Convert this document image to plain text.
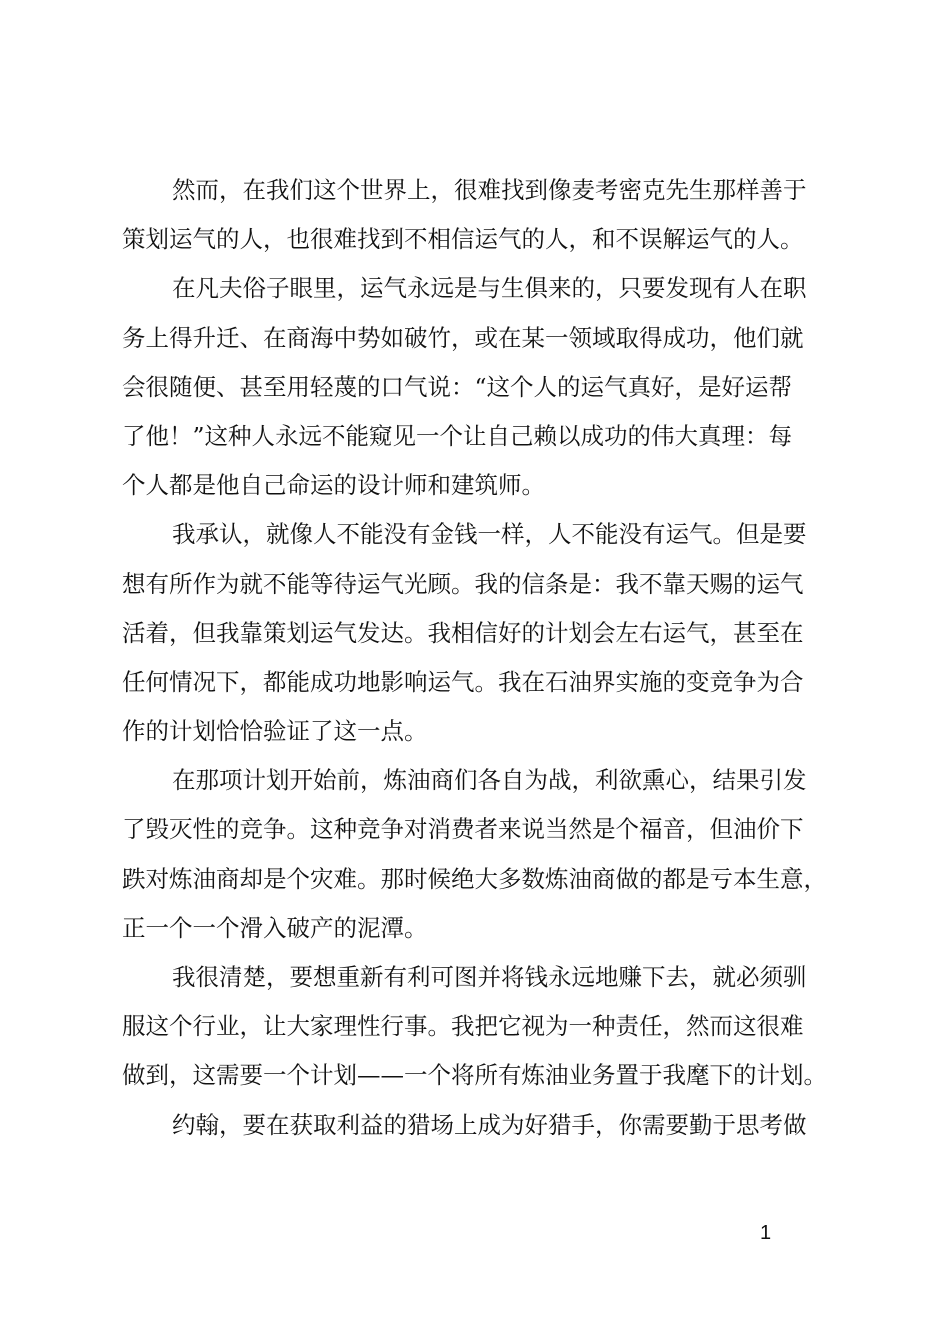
然而，在我们这个世界上，很难找到像麦考密克先生那样善于
策划运气的人，也很难找到不相信运气的人，和不误解运气的人。
在凡夫俗子眼里，运气永远是与生俱来的，只要发现有人在职
务上得升迁、在商海中势如破竹，或在某一领域取得成功，他们就
会很随便、甚至用轻蔑的口气说：“这个人的运气真好，是好运帮
了他！”这种人永远不能窥见一个让自己赖以成功的伟大真理：每
个人都是他自己命运的设计师和建筑师。
我承认，就像人不能没有金钱一样，人不能没有运气。但是要
想有所作为就不能等待运气光顾。我的信条是：我不靠天赐的运气
活着，但我靠策划运气发达。我相信好的计划会左右运气，甚至在
任何情况下，都能成功地影响运气。我在石油界实施的变竞争为合
作的计划恰恰验证了这一点。
在那项计划开始前，炼油商们各自为战，利欲熏心，结果引发
了毁灭性的竞争。这种竞争对消费者来说当然是个福音，但油价下
跌对炼油商却是个灾难。那时候绝大多数炼油商做的都是亏本生意，
正一个一个滑入破产的泥潭。
我很清楚，要想重新有利可图并将钱永远地赚下去，就必须驯
服这个行业，让大家理性行事。我把它视为一种责任，然而这很难
做到，这需要一个计划——一个将所有炼油业务置于我麾下的计划。
约翰，要在获取利益的猎场上成为好猎手，你需要勤于思考做
1
